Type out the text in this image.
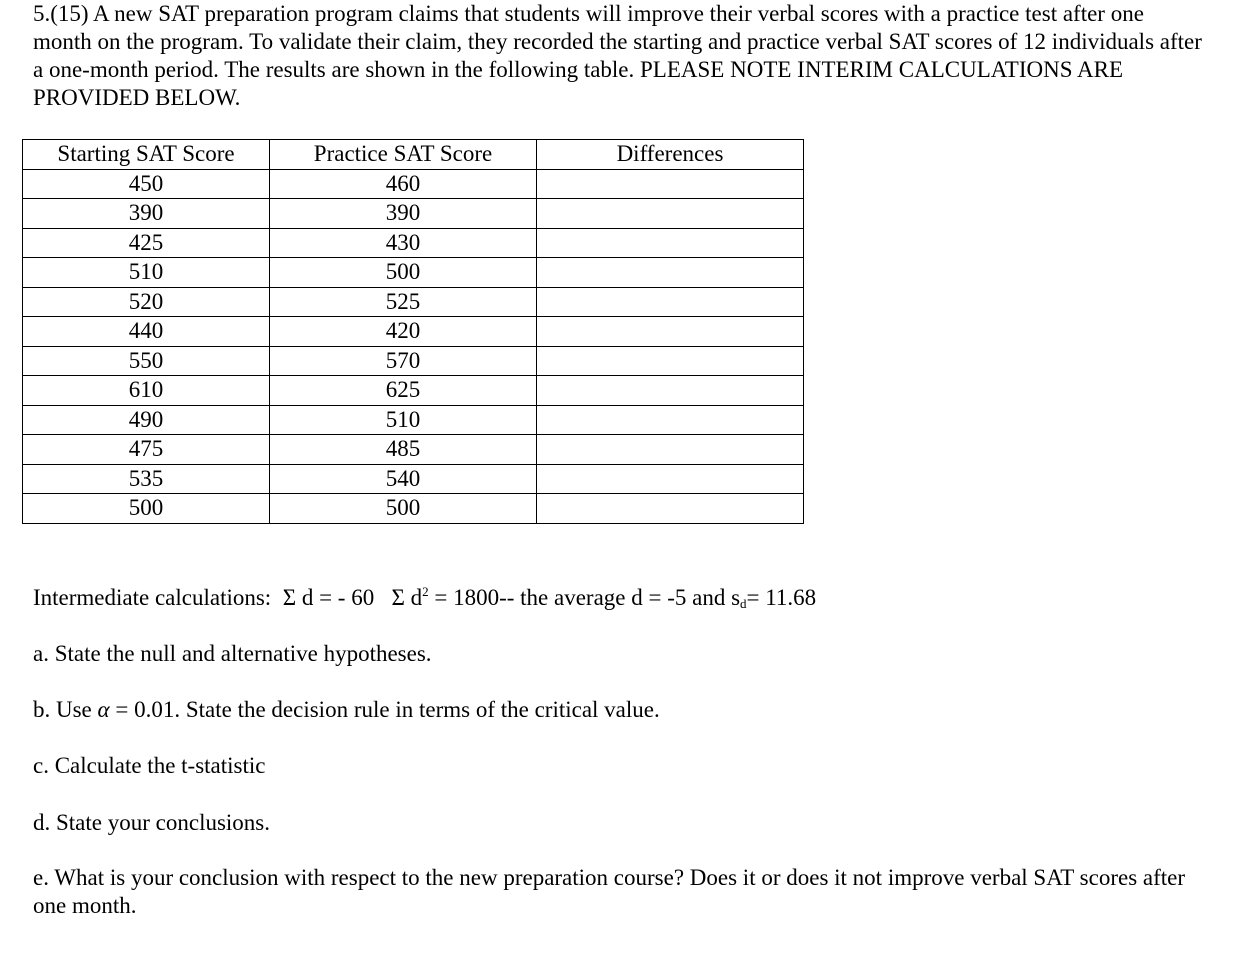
5.(15) A new SAT preparation program claims that students will improve their verbal scores with a practice test after one month on the program. To validate their claim, they recorded the starting and practice verbal SAT scores of 12 individuals after a one-month period. The results are shown in the following table. PLEASE NOTE INTERIM CALCULATIONS ARE PROVIDED BELOW.

Starting SAT Score	Practice SAT Score	Differences
450	460	
390	390	
425	430	
510	500	
520	525	
440	420	
550	570	
610	625	
490	510	
475	485	
535	540	
500	500	

Intermediate calculations: Σ d = - 60 Σ $d^2 = 1800--$ the average d = -5 and $s_d= 11.68$

a. State the null and alternative hypotheses.

b. Use α = 0.01. State the decision rule in terms of the critical value.

c. Calculate the t-statistic

d. State your conclusions.

e. What is your conclusion with respect to the new preparation course? Does it or does it not improve verbal SAT scores after one month.
